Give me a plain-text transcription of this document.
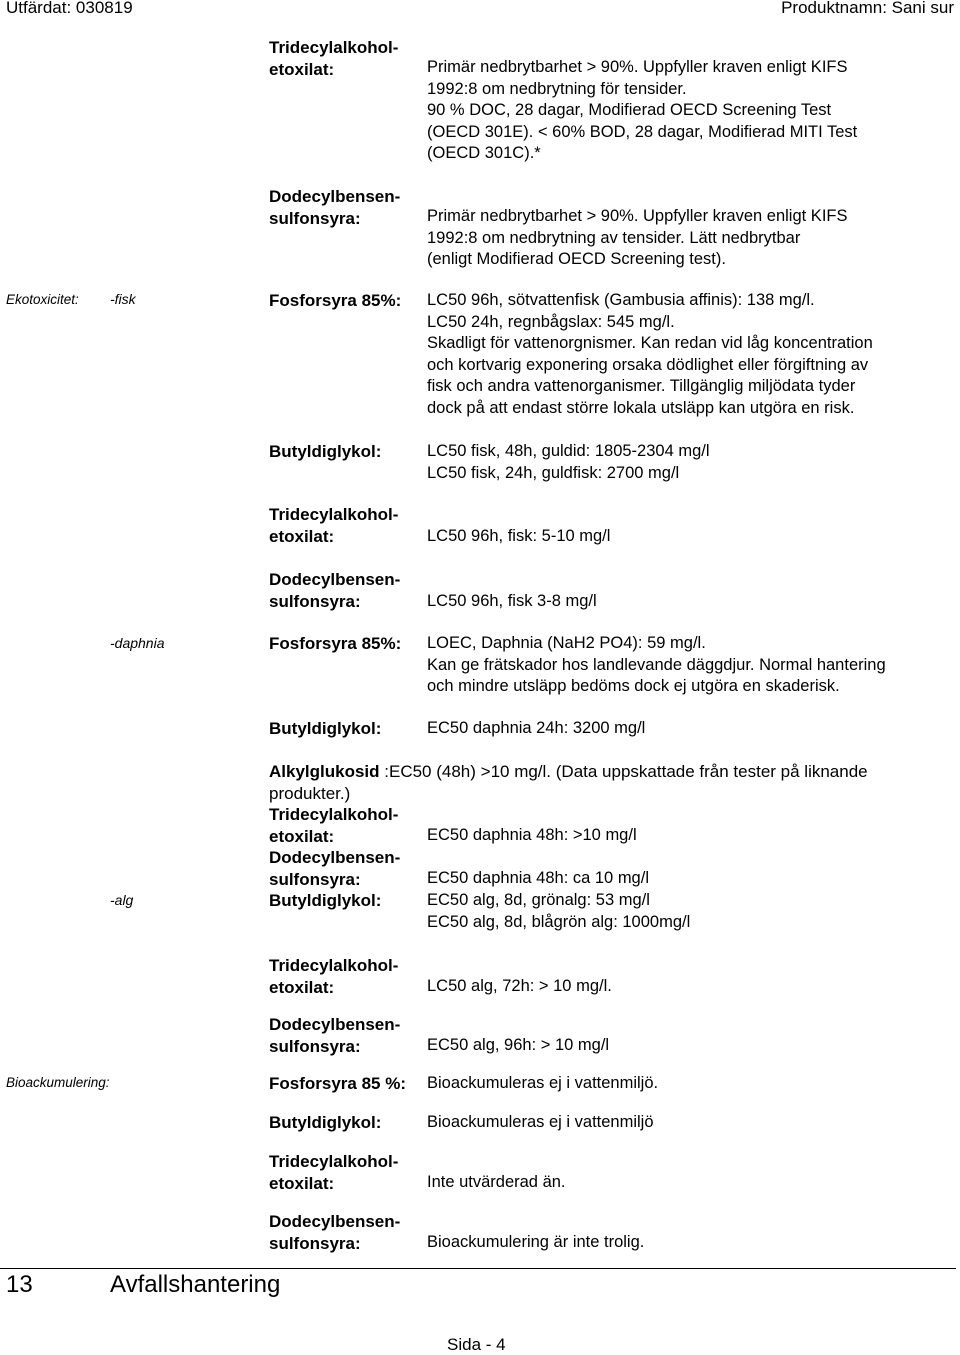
Utfärdat: 030819	Produktnamn: Sani sur
Tridecylalkohol-
etoxilat:	Primär nedbrytbarhet > 90%. Uppfyller kraven enligt KIFS
1992:8 om nedbrytning för tensider.
90 % DOC, 28 dagar, Modifierad OECD Screening Test
(OECD 301E). < 60% BOD, 28 dagar, Modifierad MITI Test
(OECD 301C).*
Dodecylbensen-
sulfonsyra:	Primär nedbrytbarhet > 90%. Uppfyller kraven enligt KIFS
1992:8 om nedbrytning av tensider. Lätt nedbrytbar
(enligt Modifierad OECD Screening test).
Ekotoxicitet: -fisk	Fosforsyra 85%: LC50 96h, sötvattenfisk (Gambusia affinis): 138 mg/l.
LC50 24h, regnbågslax: 545 mg/l.
Skadligt för vattenorgnismer. Kan redan vid låg koncentration
och kortvarig exponering orsaka dödlighet eller förgiftning av
fisk och andra vattenorganismer. Tillgänglig miljödata tyder
dock på att endast större lokala utsläpp kan utgöra en risk.
Butyldiglykol:	LC50 fisk, 48h, guldid: 1805-2304 mg/l
LC50 fisk, 24h, guldfisk: 2700 mg/l
Tridecylalkohol-
etoxilat:	LC50 96h, fisk: 5-10 mg/l
Dodecylbensen-
sulfonsyra:	LC50 96h, fisk 3-8 mg/l
-daphnia	Fosforsyra 85%: LOEC, Daphnia (NaH2 PO4): 59 mg/l.
Kan ge frätskador hos landlevande däggdjur. Normal hantering
och mindre utsläpp bedöms dock ej utgöra en skaderisk.
Butyldiglykol:	EC50 daphnia 24h: 3200 mg/l
Alkylglukosid :EC50 (48h) >10 mg/l. (Data uppskattade från tester på liknande
produkter.)
Tridecylalkohol-
etoxilat:	EC50 daphnia 48h: >10 mg/l
Dodecylbensen-
sulfonsyra:	EC50 daphnia 48h: ca 10 mg/l
-alg	Butyldiglykol:	EC50 alg, 8d, grönalg: 53 mg/l
EC50 alg, 8d, blågrön alg: 1000mg/l
Tridecylalkohol-
etoxilat:	LC50 alg, 72h: > 10 mg/l.
Dodecylbensen-
sulfonsyra:	EC50 alg, 96h: > 10 mg/l
Bioackumulering:	Fosforsyra 85 %: Bioackumuleras ej i vattenmiljö.
Butyldiglykol:	Bioackumuleras ej i vattenmiljö
Tridecylalkohol-
etoxilat:	Inte utvärderad än.
Dodecylbensen-
sulfonsyra:	Bioackumulering är inte trolig.
13	Avfallshantering
Sida - 4
